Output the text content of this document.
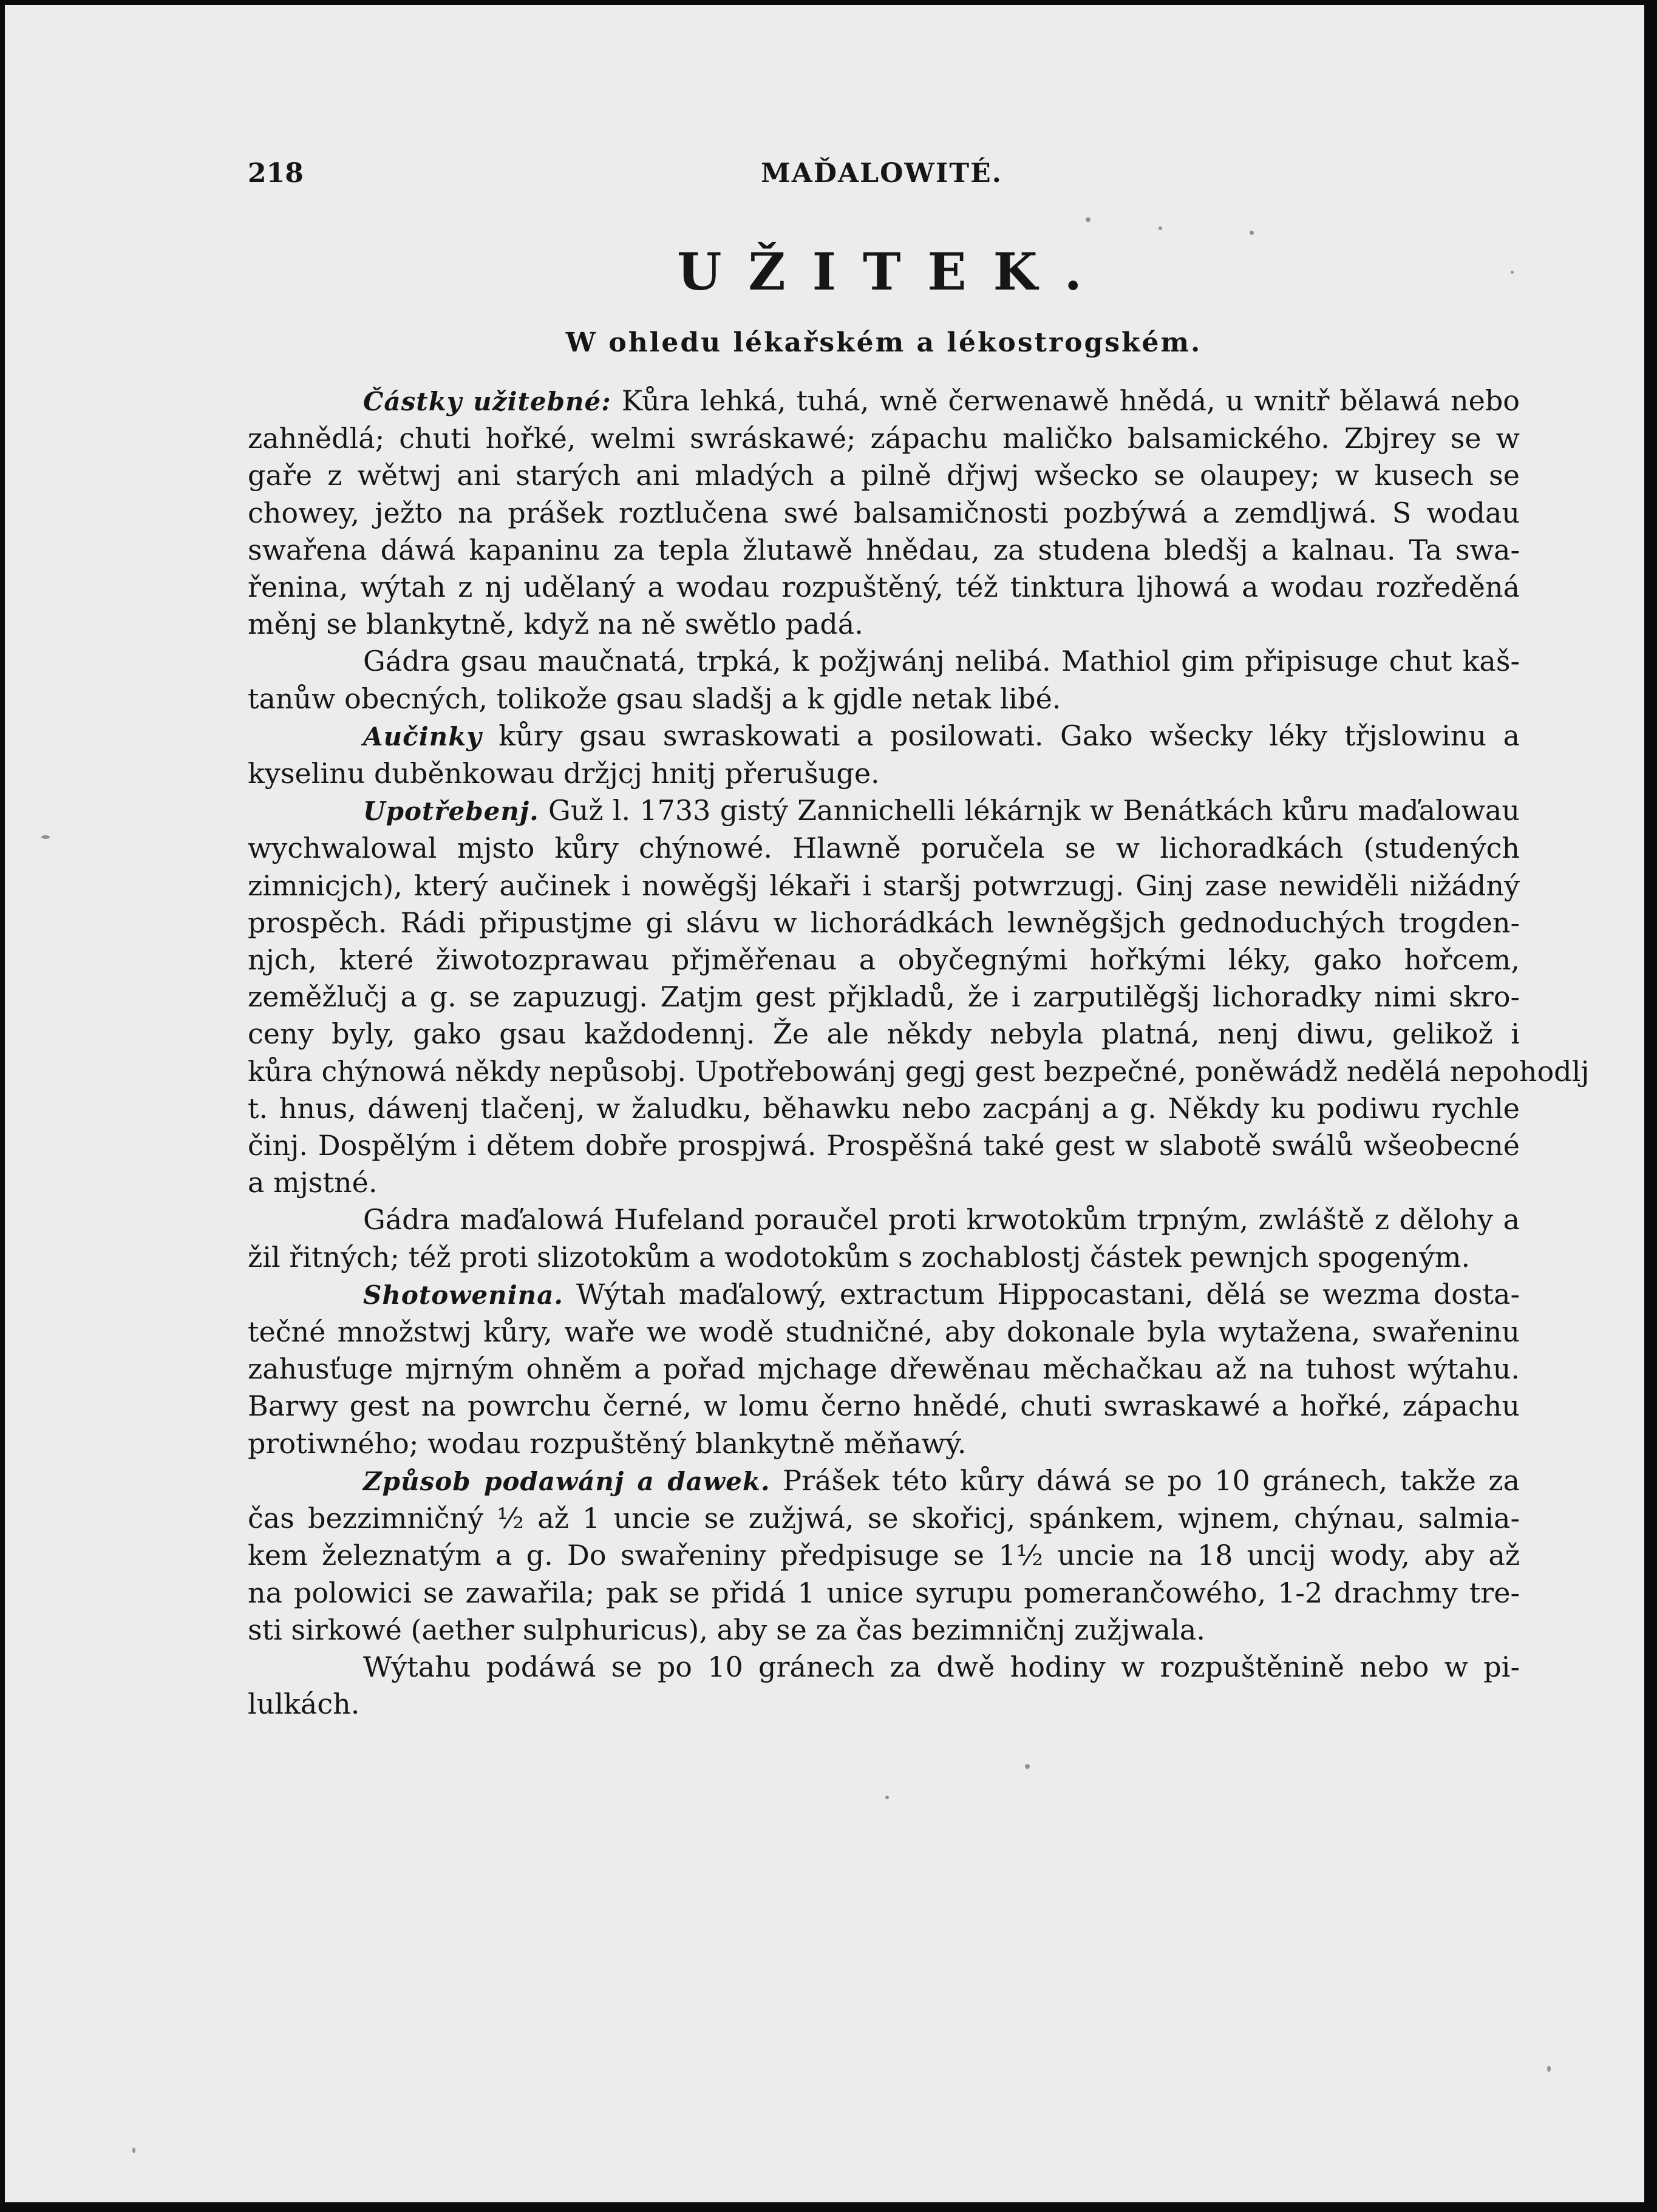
218	MAĎALOWITÉ.
UŽITEK.
W ohledu lékařském a lékostrogském.
Částky užitebné: Kůra lehká, tuhá, wně čerwenawě hnědá, u wnitř bělawá nebo
zahnědlá; chuti hořké, welmi swráskawé; zápachu maličko balsamického. Zbjrey se w
gaře z wětwj ani starých ani mladých a pilně dřjwj wšecko se olaupey; w kusech se
chowey, ježto na prášek roztlučena swé balsamičnosti pozbýwá a zemdljwá. S wodau
swařena dáwá kapaninu za tepla žlutawě hnědau, za studena bledšj a kalnau. Ta swa-
řenina, wýtah z nj udělaný a wodau rozpuštěný, též tinktura ljhowá a wodau rozředěná
měnj se blankytně, když na ně swětlo padá.
Gádra gsau maučnatá, trpká, k požjwánj nelibá. Mathiol gim připisuge chut kaš-
tanůw obecných, tolikože gsau sladšj a k gjdle netak libé.
Aučinky kůry gsau swraskowati a posilowati. Gako wšecky léky třjslowinu a
kyselinu duběnkowau držjcj hnitj přerušuge.
Upotřebenj. Guž l. 1733 gistý Zannichelli lékárnjk w Benátkách kůru maďalowau
wychwalowal mjsto kůry chýnowé. Hlawně poručela se w lichoradkách (studených
zimnicjch), který aučinek i nowěgšj lékaři i staršj potwrzugj. Ginj zase newiděli nižádný
prospěch. Rádi připustjme gi slávu w lichorádkách lewněgšjch gednoduchých trogden-
njch, které žiwotozprawau přjměřenau a obyčegnými hořkými léky, gako hořcem,
zeměžlučj a g. se zapuzugj. Zatjm gest přjkladů, že i zarputilěgšj lichoradky nimi skro-
ceny byly, gako gsau každodennj. Že ale někdy nebyla platná, nenj diwu, gelikož i
kůra chýnowá někdy nepůsobj. Upotřebowánj gegj gest bezpečné, poněwádž nedělá nepohodlj
t. hnus, dáwenj tlačenj, w žaludku, běhawku nebo zacpánj a g. Někdy ku podiwu rychle
činj. Dospělým i dětem dobře prospjwá. Prospěšná také gest w slabotě swálů wšeobecné
a mjstné.
Gádra maďalowá Hufeland poraučel proti krwotokům trpným, zwláště z dělohy a
žil řitných; též proti slizotokům a wodotokům s zochablostj částek pewnjch spogeným.
Shotowenina. Wýtah maďalowý, extractum Hippocastani, dělá se wezma dosta-
tečné množstwj kůry, waře we wodě studničné, aby dokonale byla wytažena, swařeninu
zahusťuge mjrným ohněm a pořad mjchage dřewěnau měchačkau až na tuhost wýtahu.
Barwy gest na powrchu černé, w lomu černo hnědé, chuti swraskawé a hořké, zápachu
protiwného; wodau rozpuštěný blankytně měňawý.
Způsob podawánj a dawek. Prášek této kůry dáwá se po 10 gránech, takže za
čas bezzimničný ½ až 1 uncie se zužjwá, se skořicj, spánkem, wjnem, chýnau, salmia-
kem železnatým a g. Do swařeniny předpisuge se 1½ uncie na 18 uncij wody, aby až
na polowici se zawařila; pak se přidá 1 unice syrupu pomerančowého, 1-2 drachmy tre-
sti sirkowé (aether sulphuricus), aby se za čas bezimničnj zužjwala.
Wýtahu podáwá se po 10 gránech za dwě hodiny w rozpuštěnině nebo w pi-
lulkách.
